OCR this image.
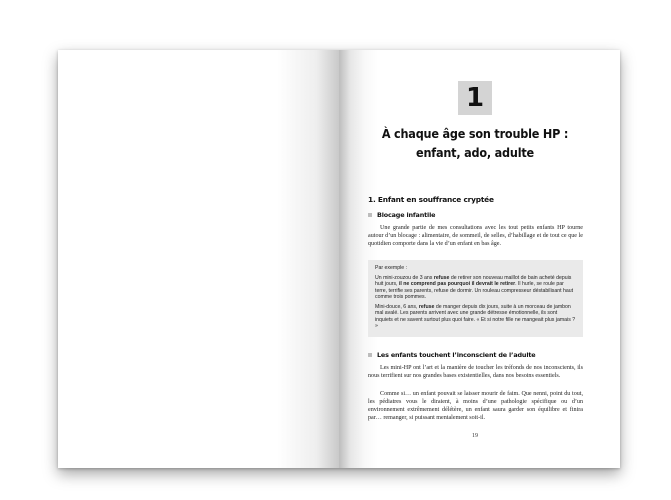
1
À chaque âge son trouble HP :
enfant, ado, adulte
1. Enfant en souffrance cryptée
Blocage infantile
Une grande partie de mes consultations avec les tout petits enfants HP tourne autour d’un blocage : alimentaire, de sommeil, de selles, d’habillage et de tout ce que le quotidien comporte dans la vie d’un enfant en bas âge.

Par exemple :

Un mini-zouzou de 3 ans refuse de retirer son nouveau maillot de bain acheté depuis huit jours, il ne comprend pas pourquoi il devrait le retirer. Il hurle, se roule par terre, terrifie ses parents, refuse de dormir. Un rouleau compresseur déstabilisant haut comme trois pommes.

Mini-douce, 6 ans, refuse de manger depuis dix jours, suite à un morceau de jambon mal avalé. Les parents arrivent avec une grande détresse émotionnelle, ils sont inquiets et ne savent surtout plus quoi faire. « Et si notre fille ne mangeait plus jamais ? »

Les enfants touchent l’inconscient de l’adulte
Les mini-HP ont l’art et la manière de toucher les tréfonds de nos inconscients, ils nous terrifient sur nos grandes bases existentielles, dans nos besoins essentiels.
Comme si… un enfant pouvait se laisser mourir de faim. Que nenni, point du tout, les pédiatres vous le diraient, à moins d’une pathologie spécifique ou d’un environnement extrêmement délétère, un enfant saura garder son équilibre et finira par… remanger, si puissant mentalement soit-il.
19
